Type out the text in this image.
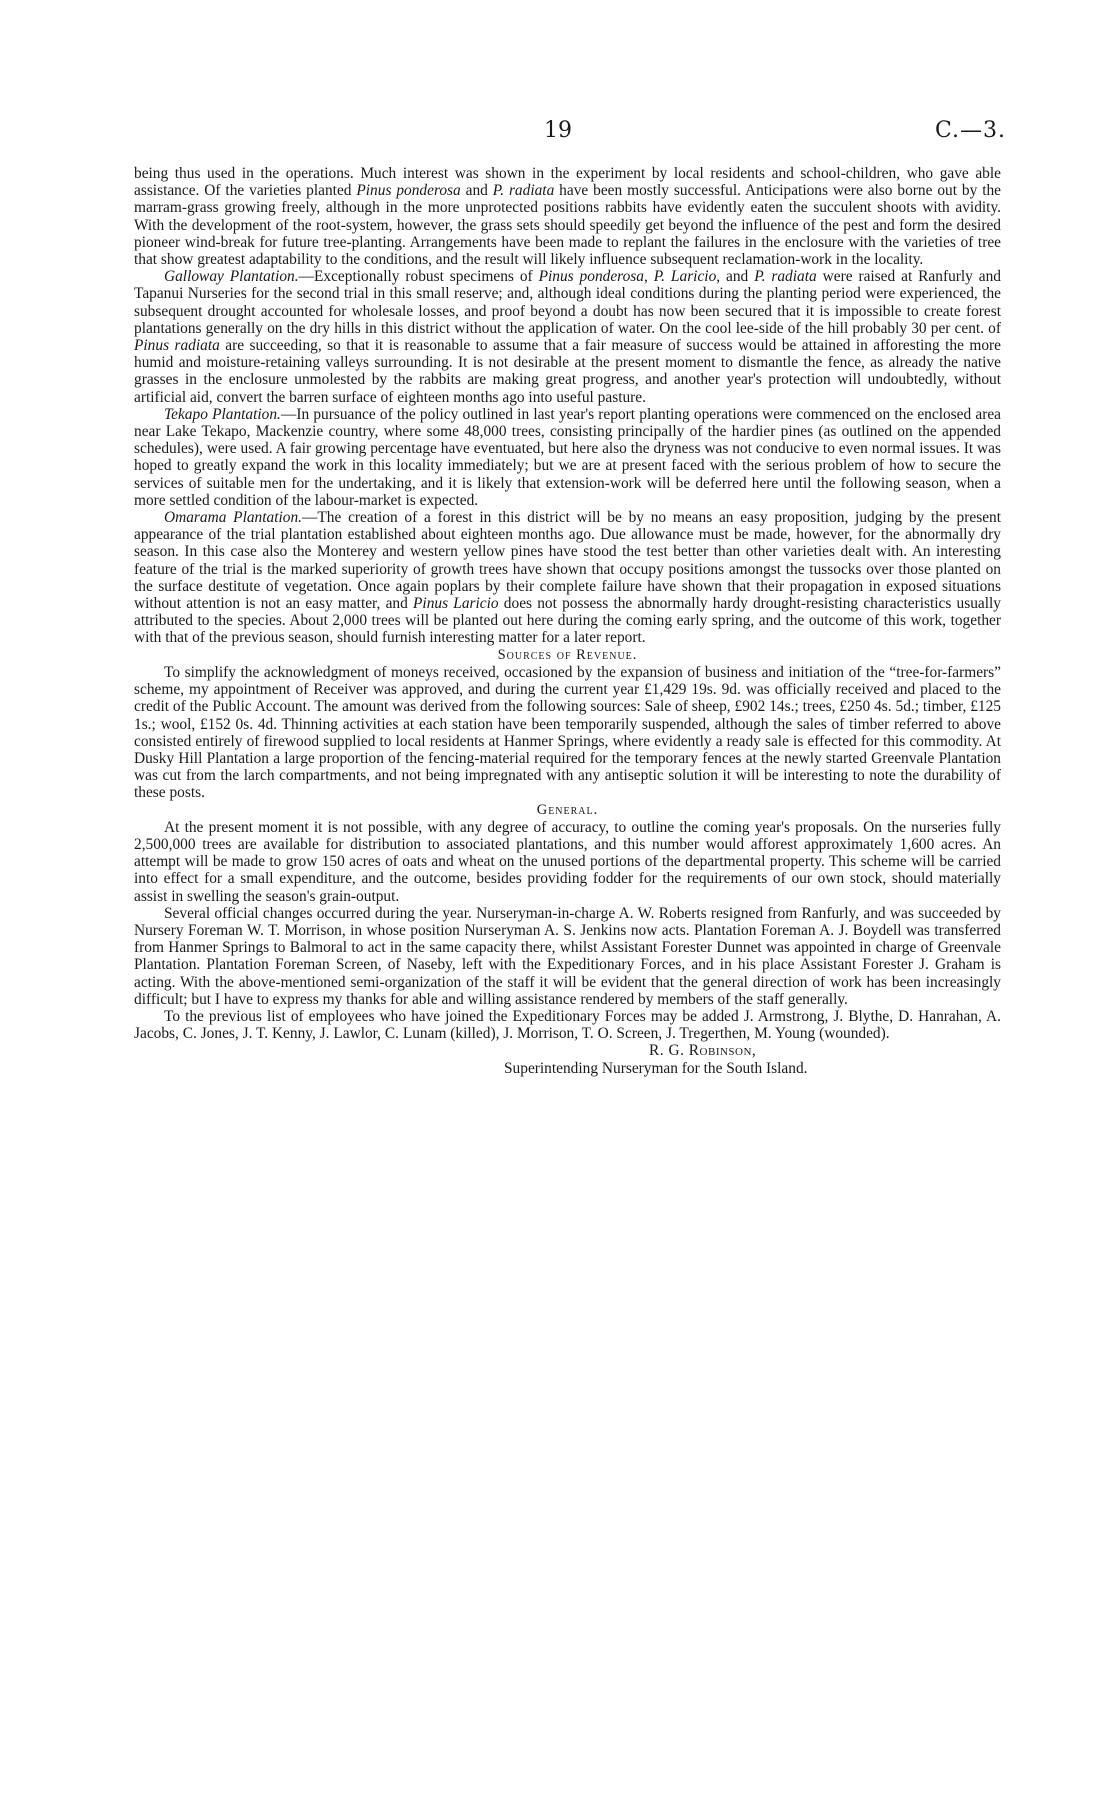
19	C.—3.

being thus used in the operations. Much interest was shown in the experiment by local residents and school-children, who gave able assistance. Of the varieties planted Pinus ponderosa and P. radiata have been mostly successful. Anticipations were also borne out by the marram-grass growing freely, although in the more unprotected positions rabbits have evidently eaten the succulent shoots with avidity. With the development of the root-system, however, the grass sets should speedily get beyond the influence of the pest and form the desired pioneer wind-break for future tree-planting. Arrangements have been made to replant the failures in the enclosure with the varieties of tree that show greatest adaptability to the conditions, and the result will likely influence subsequent reclamation-work in the locality.

Galloway Plantation.—Exceptionally robust specimens of Pinus ponderosa, P. Laricio, and P. radiata were raised at Ranfurly and Tapanui Nurseries for the second trial in this small reserve; and, although ideal conditions during the planting period were experienced, the subsequent drought accounted for wholesale losses, and proof beyond a doubt has now been secured that it is impossible to create forest plantations generally on the dry hills in this district without the application of water. On the cool lee-side of the hill probably 30 per cent. of Pinus radiata are succeeding, so that it is reasonable to assume that a fair measure of success would be attained in afforesting the more humid and moisture-retaining valleys surrounding. It is not desirable at the present moment to dismantle the fence, as already the native grasses in the enclosure unmolested by the rabbits are making great progress, and another year's protection will undoubtedly, without artificial aid, convert the barren surface of eighteen months ago into useful pasture.

Tekapo Plantation.—In pursuance of the policy outlined in last year's report planting operations were commenced on the enclosed area near Lake Tekapo, Mackenzie country, where some 48,000 trees, consisting principally of the hardier pines (as outlined on the appended schedules), were used. A fair growing percentage have eventuated, but here also the dryness was not conducive to even normal issues. It was hoped to greatly expand the work in this locality immediately; but we are at present faced with the serious problem of how to secure the services of suitable men for the undertaking, and it is likely that extension-work will be deferred here until the following season, when a more settled condition of the labour-market is expected.

Omarama Plantation.—The creation of a forest in this district will be by no means an easy proposition, judging by the present appearance of the trial plantation established about eighteen months ago. Due allowance must be made, however, for the abnormally dry season. In this case also the Monterey and western yellow pines have stood the test better than other varieties dealt with. An interesting feature of the trial is the marked superiority of growth trees have shown that occupy positions amongst the tussocks over those planted on the surface destitute of vegetation. Once again poplars by their complete failure have shown that their propagation in exposed situations without attention is not an easy matter, and Pinus Laricio does not possess the abnormally hardy drought-resisting characteristics usually attributed to the species. About 2,000 trees will be planted out here during the coming early spring, and the outcome of this work, together with that of the previous season, should furnish interesting matter for a later report.

Sources of Revenue.

To simplify the acknowledgment of moneys received, occasioned by the expansion of business and initiation of the “tree-for-farmers” scheme, my appointment of Receiver was approved, and during the current year £1,429 19s. 9d. was officially received and placed to the credit of the Public Account. The amount was derived from the following sources: Sale of sheep, £902 14s.; trees, £250 4s. 5d.; timber, £125 1s.; wool, £152 0s. 4d. Thinning activities at each station have been temporarily suspended, although the sales of timber referred to above consisted entirely of firewood supplied to local residents at Hanmer Springs, where evidently a ready sale is effected for this commodity. At Dusky Hill Plantation a large proportion of the fencing-material required for the temporary fences at the newly started Greenvale Plantation was cut from the larch compartments, and not being impregnated with any antiseptic solution it will be interesting to note the durability of these posts.

General.

At the present moment it is not possible, with any degree of accuracy, to outline the coming year's proposals. On the nurseries fully 2,500,000 trees are available for distribution to associated plantations, and this number would afforest approximately 1,600 acres. An attempt will be made to grow 150 acres of oats and wheat on the unused portions of the departmental property. This scheme will be carried into effect for a small expenditure, and the outcome, besides providing fodder for the requirements of our own stock, should materially assist in swelling the season's grain-output.

Several official changes occurred during the year. Nurseryman-in-charge A. W. Roberts resigned from Ranfurly, and was succeeded by Nursery Foreman W. T. Morrison, in whose position Nurseryman A. S. Jenkins now acts. Plantation Foreman A. J. Boydell was transferred from Hanmer Springs to Balmoral to act in the same capacity there, whilst Assistant Forester Dunnet was appointed in charge of Greenvale Plantation. Plantation Foreman Screen, of Naseby, left with the Expeditionary Forces, and in his place Assistant Forester J. Graham is acting. With the above-mentioned semi-organization of the staff it will be evident that the general direction of work has been increasingly difficult; but I have to express my thanks for able and willing assistance rendered by members of the staff generally.

To the previous list of employees who have joined the Expeditionary Forces may be added J. Armstrong, J. Blythe, D. Hanrahan, A. Jacobs, C. Jones, J. T. Kenny, J. Lawlor, C. Lunam (killed), J. Morrison, T. O. Screen, J. Tregerthen, M. Young (wounded).

R. G. Robinson,

Superintending Nurseryman for the South Island.
